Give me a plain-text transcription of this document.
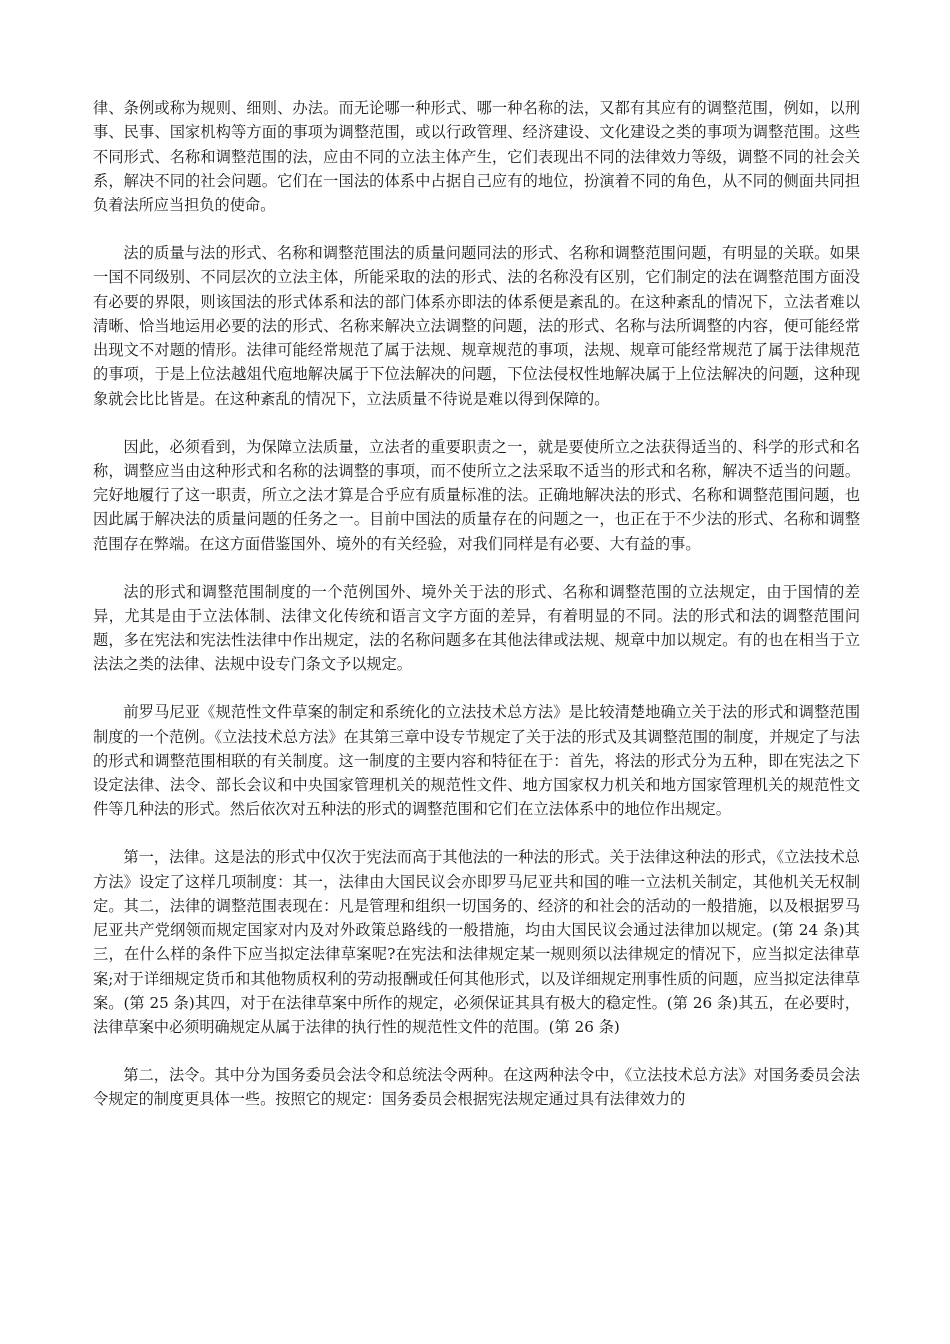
律、条例或称为规则、细则、办法。而无论哪一种形式、哪一种名称的法，又都有其应有的调整范围，例如，以刑事、民事、国家机构等方面的事项为调整范围，或以行政管理、经济建设、文化建设之类的事项为调整范围。这些不同形式、名称和调整范围的法，应由不同的立法主体产生，它们表现出不同的法律效力等级，调整不同的社会关系，解决不同的社会问题。它们在一国法的体系中占据自己应有的地位，扮演着不同的角色，从不同的侧面共同担负着法所应当担负的使命。

法的质量与法的形式、名称和调整范围法的质量问题同法的形式、名称和调整范围问题，有明显的关联。如果一国不同级别、不同层次的立法主体，所能采取的法的形式、法的名称没有区别，它们制定的法在调整范围方面没有必要的界限，则该国法的形式体系和法的部门体系亦即法的体系便是紊乱的。在这种紊乱的情况下，立法者难以清晰、恰当地运用必要的法的形式、名称来解决立法调整的问题，法的形式、名称与法所调整的内容，便可能经常出现文不对题的情形。法律可能经常规范了属于法规、规章规范的事项，法规、规章可能经常规范了属于法律规范的事项，于是上位法越俎代庖地解决属于下位法解决的问题，下位法侵权性地解决属于上位法解决的问题，这种现象就会比比皆是。在这种紊乱的情况下，立法质量不待说是难以得到保障的。

因此，必须看到，为保障立法质量，立法者的重要职责之一，就是要使所立之法获得适当的、科学的形式和名称，调整应当由这种形式和名称的法调整的事项，而不使所立之法采取不适当的形式和名称，解决不适当的问题。完好地履行了这一职责，所立之法才算是合乎应有质量标准的法。正确地解决法的形式、名称和调整范围问题，也因此属于解决法的质量问题的任务之一。目前中国法的质量存在的问题之一，也正在于不少法的形式、名称和调整范围存在弊端。在这方面借鉴国外、境外的有关经验，对我们同样是有必要、大有益的事。

法的形式和调整范围制度的一个范例国外、境外关于法的形式、名称和调整范围的立法规定，由于国情的差异，尤其是由于立法体制、法律文化传统和语言文字方面的差异，有着明显的不同。法的形式和法的调整范围问题，多在宪法和宪法性法律中作出规定，法的名称问题多在其他法律或法规、规章中加以规定。有的也在相当于立法法之类的法律、法规中设专门条文予以规定。

前罗马尼亚《规范性文件草案的制定和系统化的立法技术总方法》是比较清楚地确立关于法的形式和调整范围制度的一个范例。《立法技术总方法》在其第三章中设专节规定了关于法的形式及其调整范围的制度，并规定了与法的形式和调整范围相联的有关制度。这一制度的主要内容和特征在于：首先，将法的形式分为五种，即在宪法之下设定法律、法令、部长会议和中央国家管理机关的规范性文件、地方国家权力机关和地方国家管理机关的规范性文件等几种法的形式。然后依次对五种法的形式的调整范围和它们在立法体系中的地位作出规定。

第一，法律。这是法的形式中仅次于宪法而高于其他法的一种法的形式。关于法律这种法的形式，《立法技术总方法》设定了这样几项制度：其一，法律由大国民议会亦即罗马尼亚共和国的唯一立法机关制定，其他机关无权制定。其二，法律的调整范围表现在：凡是管理和组织一切国务的、经济的和社会的活动的一般措施，以及根据罗马尼亚共产党纲领而规定国家对内及对外政策总路线的一般措施，均由大国民议会通过法律加以规定。(第 24 条)其三，在什么样的条件下应当拟定法律草案呢?在宪法和法律规定某一规则须以法律规定的情况下，应当拟定法律草案;对于详细规定货币和其他物质权利的劳动报酬或任何其他形式，以及详细规定刑事性质的问题，应当拟定法律草案。(第 25 条)其四，对于在法律草案中所作的规定，必须保证其具有极大的稳定性。(第 26 条)其五，在必要时，法律草案中必须明确规定从属于法律的执行性的规范性文件的范围。(第 26 条)

第二，法令。其中分为国务委员会法令和总统法令两种。在这两种法令中，《立法技术总方法》对国务委员会法令规定的制度更具体一些。按照它的规定：国务委员会根据宪法规定通过具有法律效力的
